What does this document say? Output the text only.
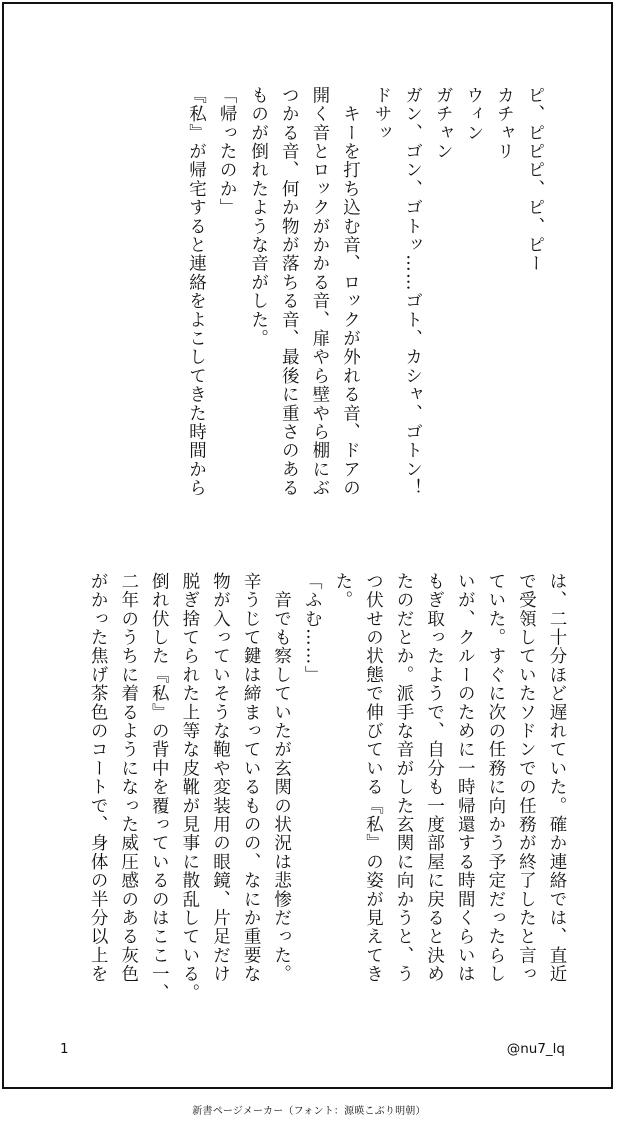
ピ、ピピピ、ピ、ピー
カチャリ
ウィン
ガチャン
ガン、ゴン、ゴトッ……ゴト、カシャ、ゴトン！
ドサッ
　キーを打ち込む音、ロックが外れる音、ドアの
開く音とロックがかかる音、扉やら壁やら棚にぶ
つかる音、何か物が落ちる音、最後に重さのある
ものが倒れたような音がした。
「帰ったのか」
『私』が帰宅すると連絡をよこしてきた時間から
は、二十分ほど遅れていた。確か連絡では、直近
で受領していたソドンでの任務が終了したと言っ
ていた。すぐに次の任務に向かう予定だったらし
いが、クルーのために一時帰還する時間くらいは
もぎ取ったようで、自分も一度部屋に戻ると決め
たのだとか。派手な音がした玄関に向かうと、う
つ伏せの状態で伸びている『私』の姿が見えてき
た。
「ふむ……」
　音でも察していたが玄関の状況は悲惨だった。
辛うじて鍵は締まっているものの、なにか重要な
物が入っていそうな鞄や変装用の眼鏡、片足だけ
脱ぎ捨てられた上等な皮靴が見事に散乱している。
倒れ伏した『私』の背中を覆っているのはここ一、
二年のうちに着るようになった威圧感のある灰色
がかった焦げ茶色のコートで、身体の半分以上を
1	@nu7_lq
新書ページメーカー（フォント：源暎こぶり明朝）
